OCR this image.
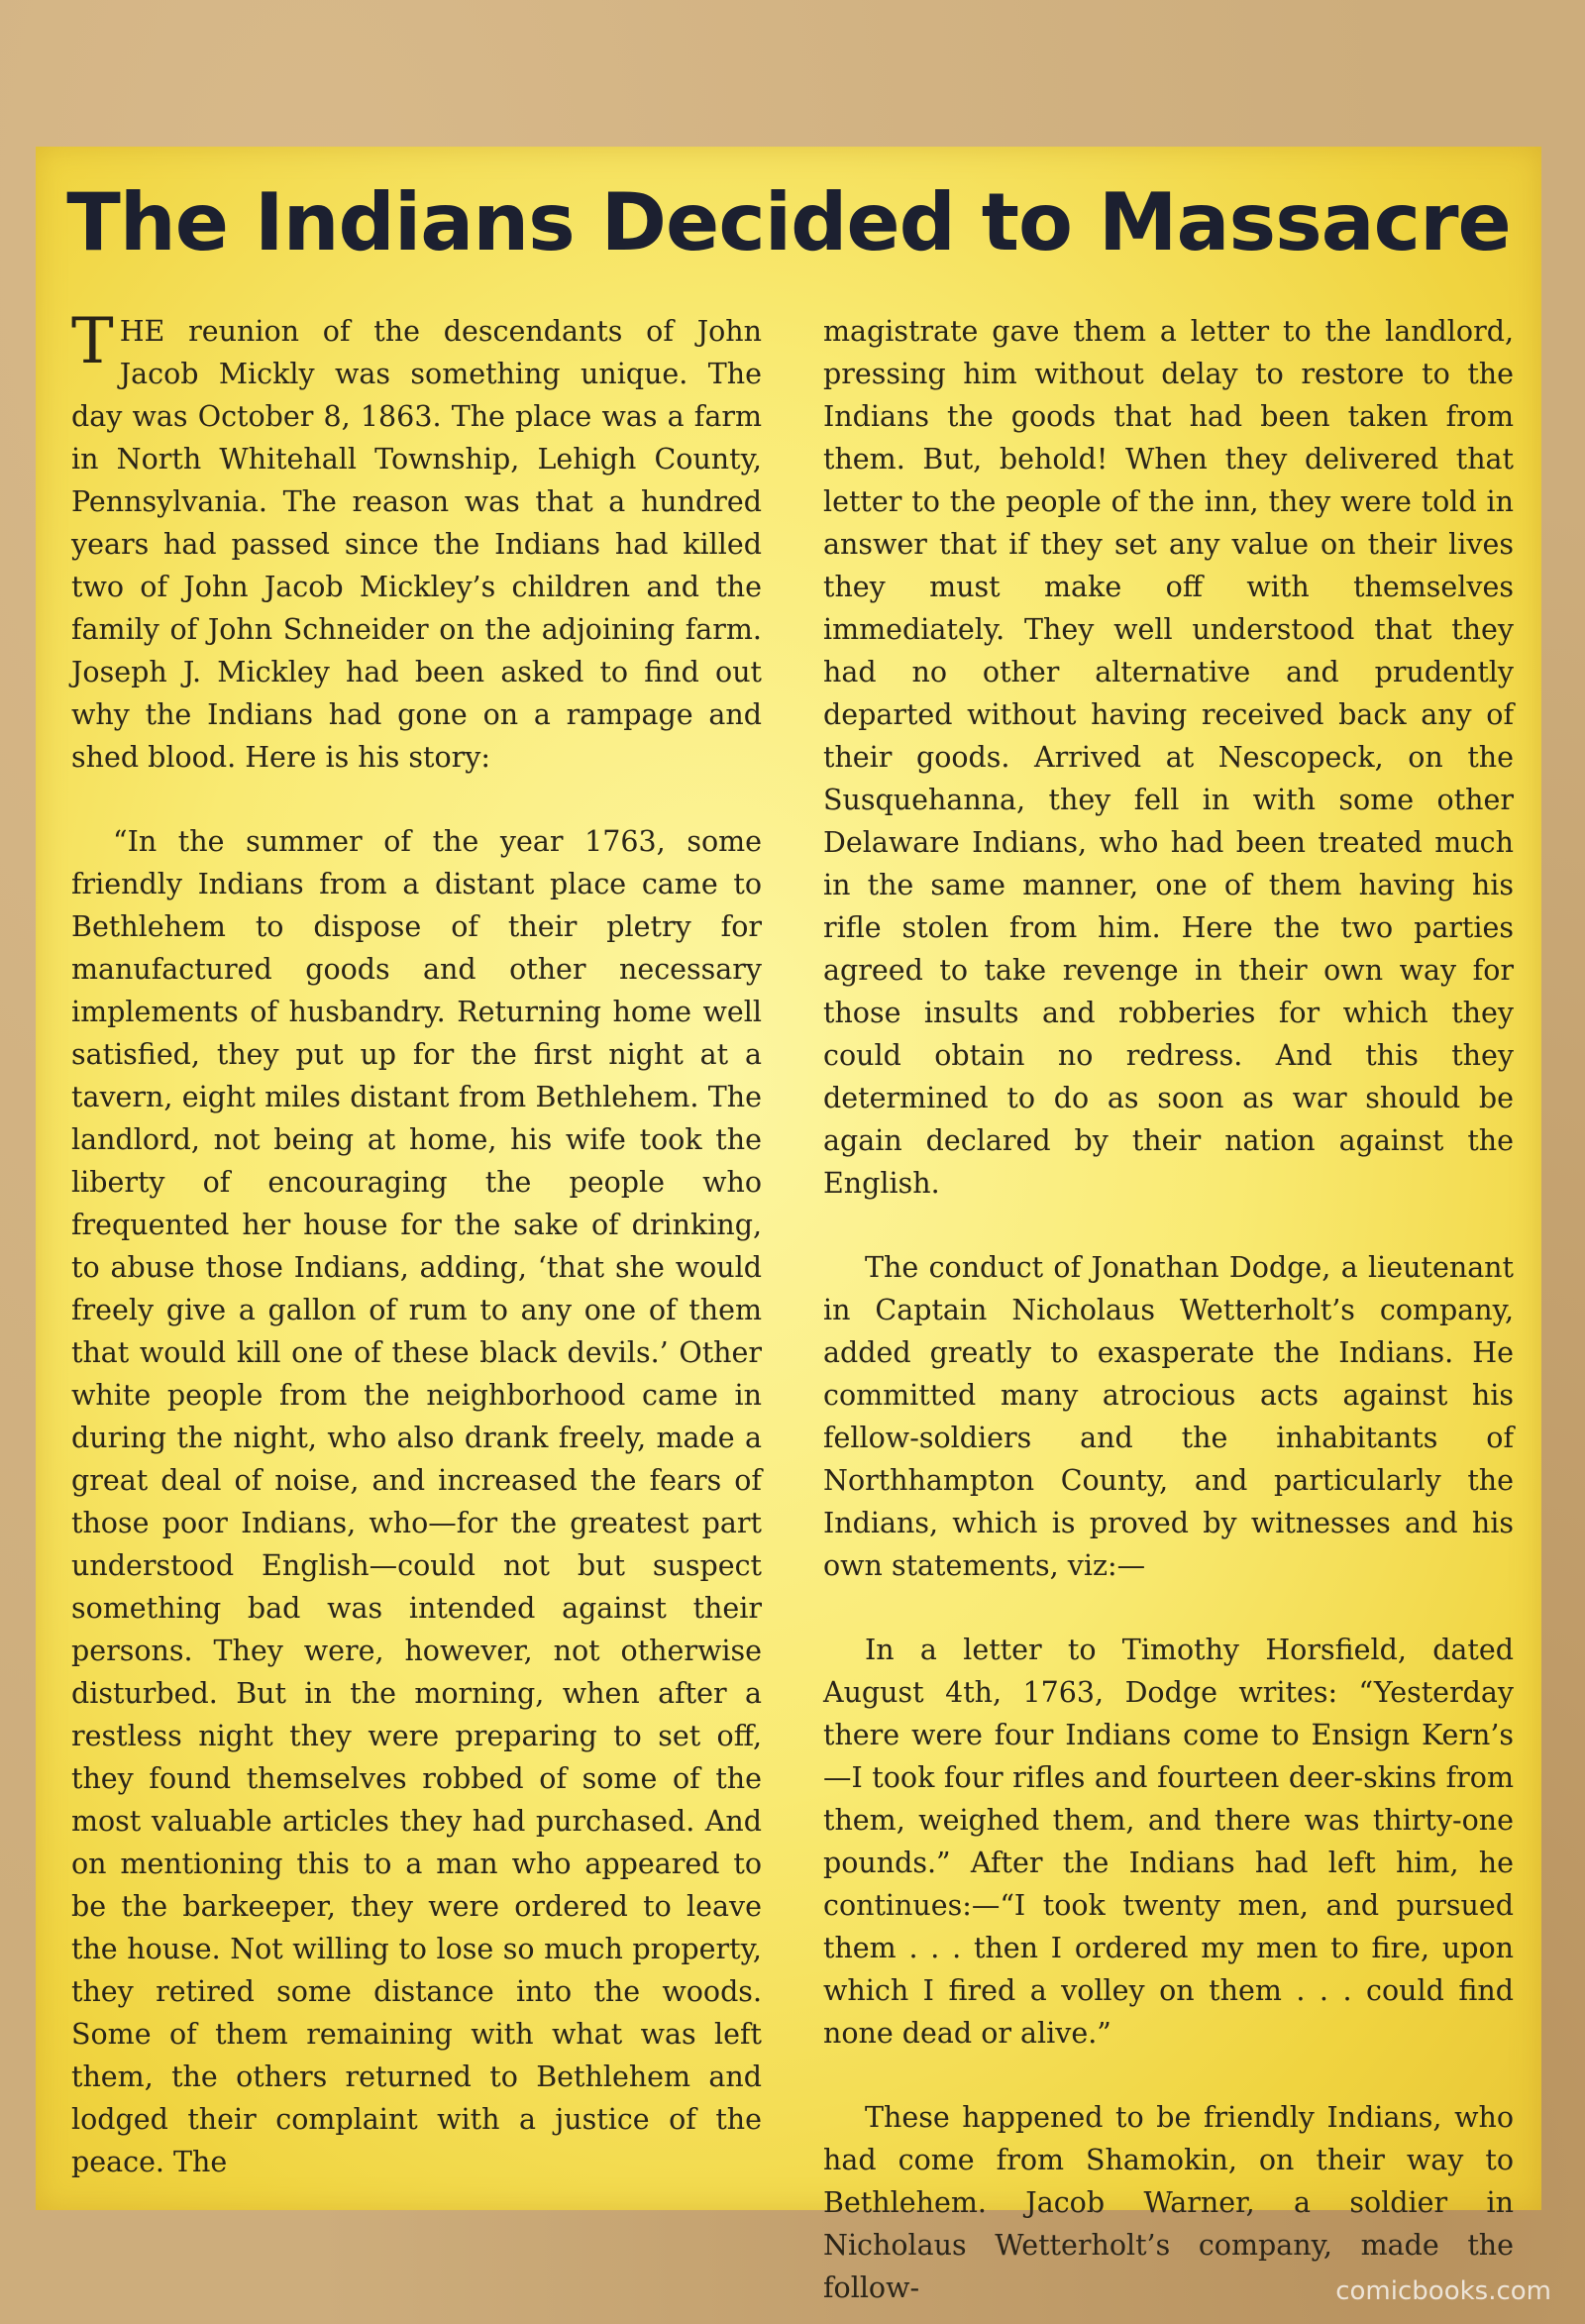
The Indians Decided to Massacre

THE reunion of the descendants of John Jacob Mickly was something unique. The day was October 8, 1863. The place was a farm in North Whitehall Township, Lehigh County, Pennsylvania. The reason was that a hundred years had passed since the Indians had killed two of John Jacob Mickley’s children and the family of John Schneider on the adjoining farm. Joseph J. Mickley had been asked to find out why the Indians had gone on a rampage and shed blood. Here is his story:

“In the summer of the year 1763, some friendly Indians from a distant place came to Bethlehem to dispose of their pletry for manufactured goods and other necessary implements of husbandry. Returning home well satisfied, they put up for the first night at a tavern, eight miles distant from Bethlehem. The landlord, not being at home, his wife took the liberty of encouraging the people who frequented her house for the sake of drinking, to abuse those Indians, adding, ‘that she would freely give a gallon of rum to any one of them that would kill one of these black devils.’ Other white people from the neighborhood came in during the night, who also drank freely, made a great deal of noise, and increased the fears of those poor Indians, who—for the greatest part understood English—could not but suspect something bad was intended against their persons. They were, however, not otherwise disturbed. But in the morning, when after a restless night they were preparing to set off, they found themselves robbed of some of the most valuable articles they had purchased. And on mentioning this to a man who appeared to be the barkeeper, they were ordered to leave the house. Not willing to lose so much property, they retired some distance into the woods. Some of them remaining with what was left them, the others returned to Bethlehem and lodged their complaint with a justice of the peace. The

magistrate gave them a letter to the landlord, pressing him without delay to restore to the Indians the goods that had been taken from them. But, behold! When they delivered that letter to the people of the inn, they were told in answer that if they set any value on their lives they must make off with themselves immediately. They well understood that they had no other alternative and prudently departed without having received back any of their goods. Arrived at Nescopeck, on the Susquehanna, they fell in with some other Delaware Indians, who had been treated much in the same manner, one of them having his rifle stolen from him. Here the two parties agreed to take revenge in their own way for those insults and robberies for which they could obtain no redress. And this they determined to do as soon as war should be again declared by their nation against the English.

The conduct of Jonathan Dodge, a lieutenant in Captain Nicholaus Wetterholt’s company, added greatly to exasperate the Indians. He committed many atrocious acts against his fellow-soldiers and the inhabitants of Northhampton County, and particularly the Indians, which is proved by witnesses and his own statements, viz:—

In a letter to Timothy Horsfield, dated August 4th, 1763, Dodge writes: “Yesterday there were four Indians come to Ensign Kern’s —I took four rifles and fourteen deer-skins from them, weighed them, and there was thirty-one pounds.” After the Indians had left him, he continues:—“I took twenty men, and pursued them . . . then I ordered my men to fire, upon which I fired a volley on them . . . could find none dead or alive.”

These happened to be friendly Indians, who had come from Shamokin, on their way to Bethlehem. Jacob Warner, a soldier in Nicholaus Wetterholt’s company, made the follow-	comicbooks.com
